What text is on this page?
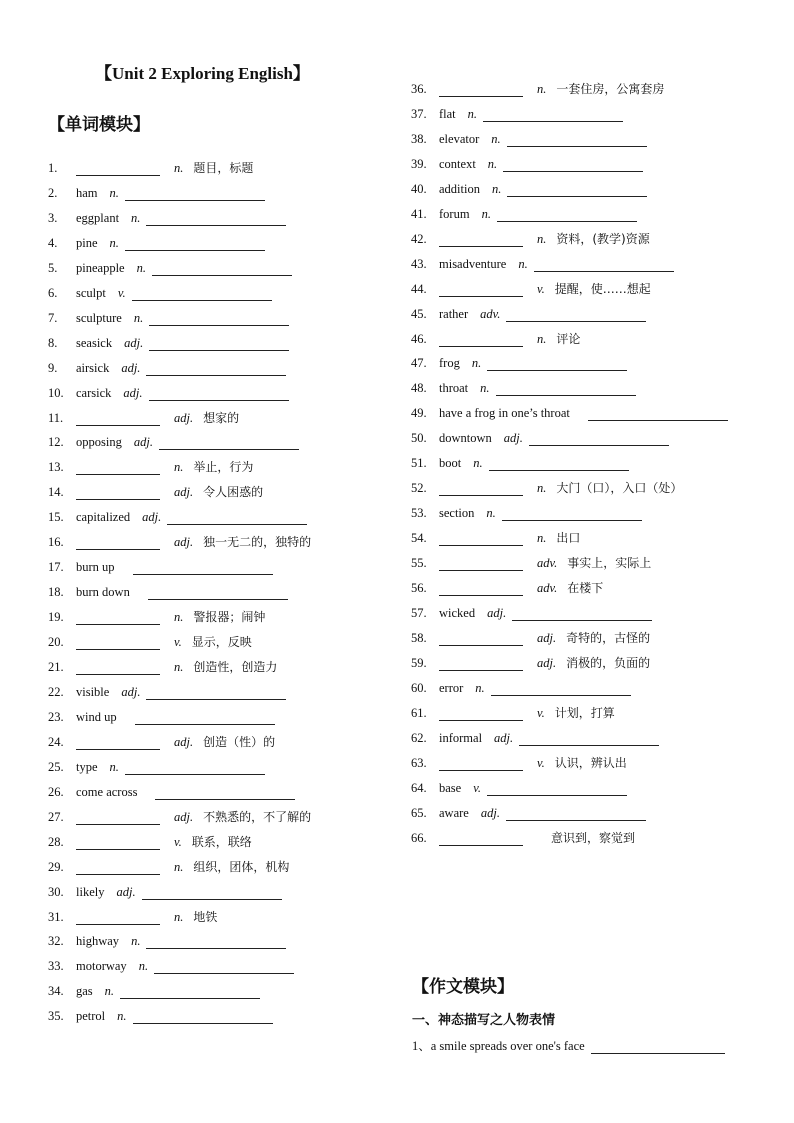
【Unit 2 Exploring English】
【单词模块】
【作文模块】
一、神态描写之人物表情
1、a smile spreads over one's face
1.	n. 题目，标题
2.	ham n.
3.	eggplant n.
4.	pine n.
5.	pineapple n.
6.	sculpt v.
7.	sculpture n.
8.	seasick adj.
9.	airsick adj.
10. carsick adj.
11.	adj. 想家的
12. opposing adj.
13.	n. 举止，行为
14.	adj. 令人困惑的
15. capitalized adj.
16.	adj. 独一无二的，独特的
17. burn up
18. burn down
19.	n. 警报器；闹钟
20.	v. 显示，反映
21.	n. 创造性，创造力
22. visible adj.
23. wind up
24.	adj. 创造（性）的
25. type n.
26. come across
27.	adj. 不熟悉的，不了解的
28.	v. 联系，联络
29.	n. 组织，团体，机构
30. likely adj.
31.	n. 地铁
32. highway n.
33. motorway n.
34. gas n.
35. petrol n.
36.	n. 一套住房，公寓套房
37. flat n.
38. elevator n.
39. context n.
40. addition n.
41. forum n.
42.	n. 资料，(教学)资源
43. misadventure n.
44.	v. 提醒，使……想起
45. rather adv.
46.	n. 评论
47. frog n.
48. throat n.
49. have a frog in one’s throat
50. downtown adj.
51. boot n.
52.	n. 大门（口），入口（处）
53. section n.
54.	n. 出口
55.	adv. 事实上，实际上
56.	adv. 在楼下
57. wicked adj.
58.	adj. 奇特的，古怪的
59.	adj. 消极的，负面的
60. error n.
61.	v. 计划，打算
62. informal adj.
63.	v. 认识，辨认出
64. base v.
65. aware adj.
66.	意识到，察觉到
